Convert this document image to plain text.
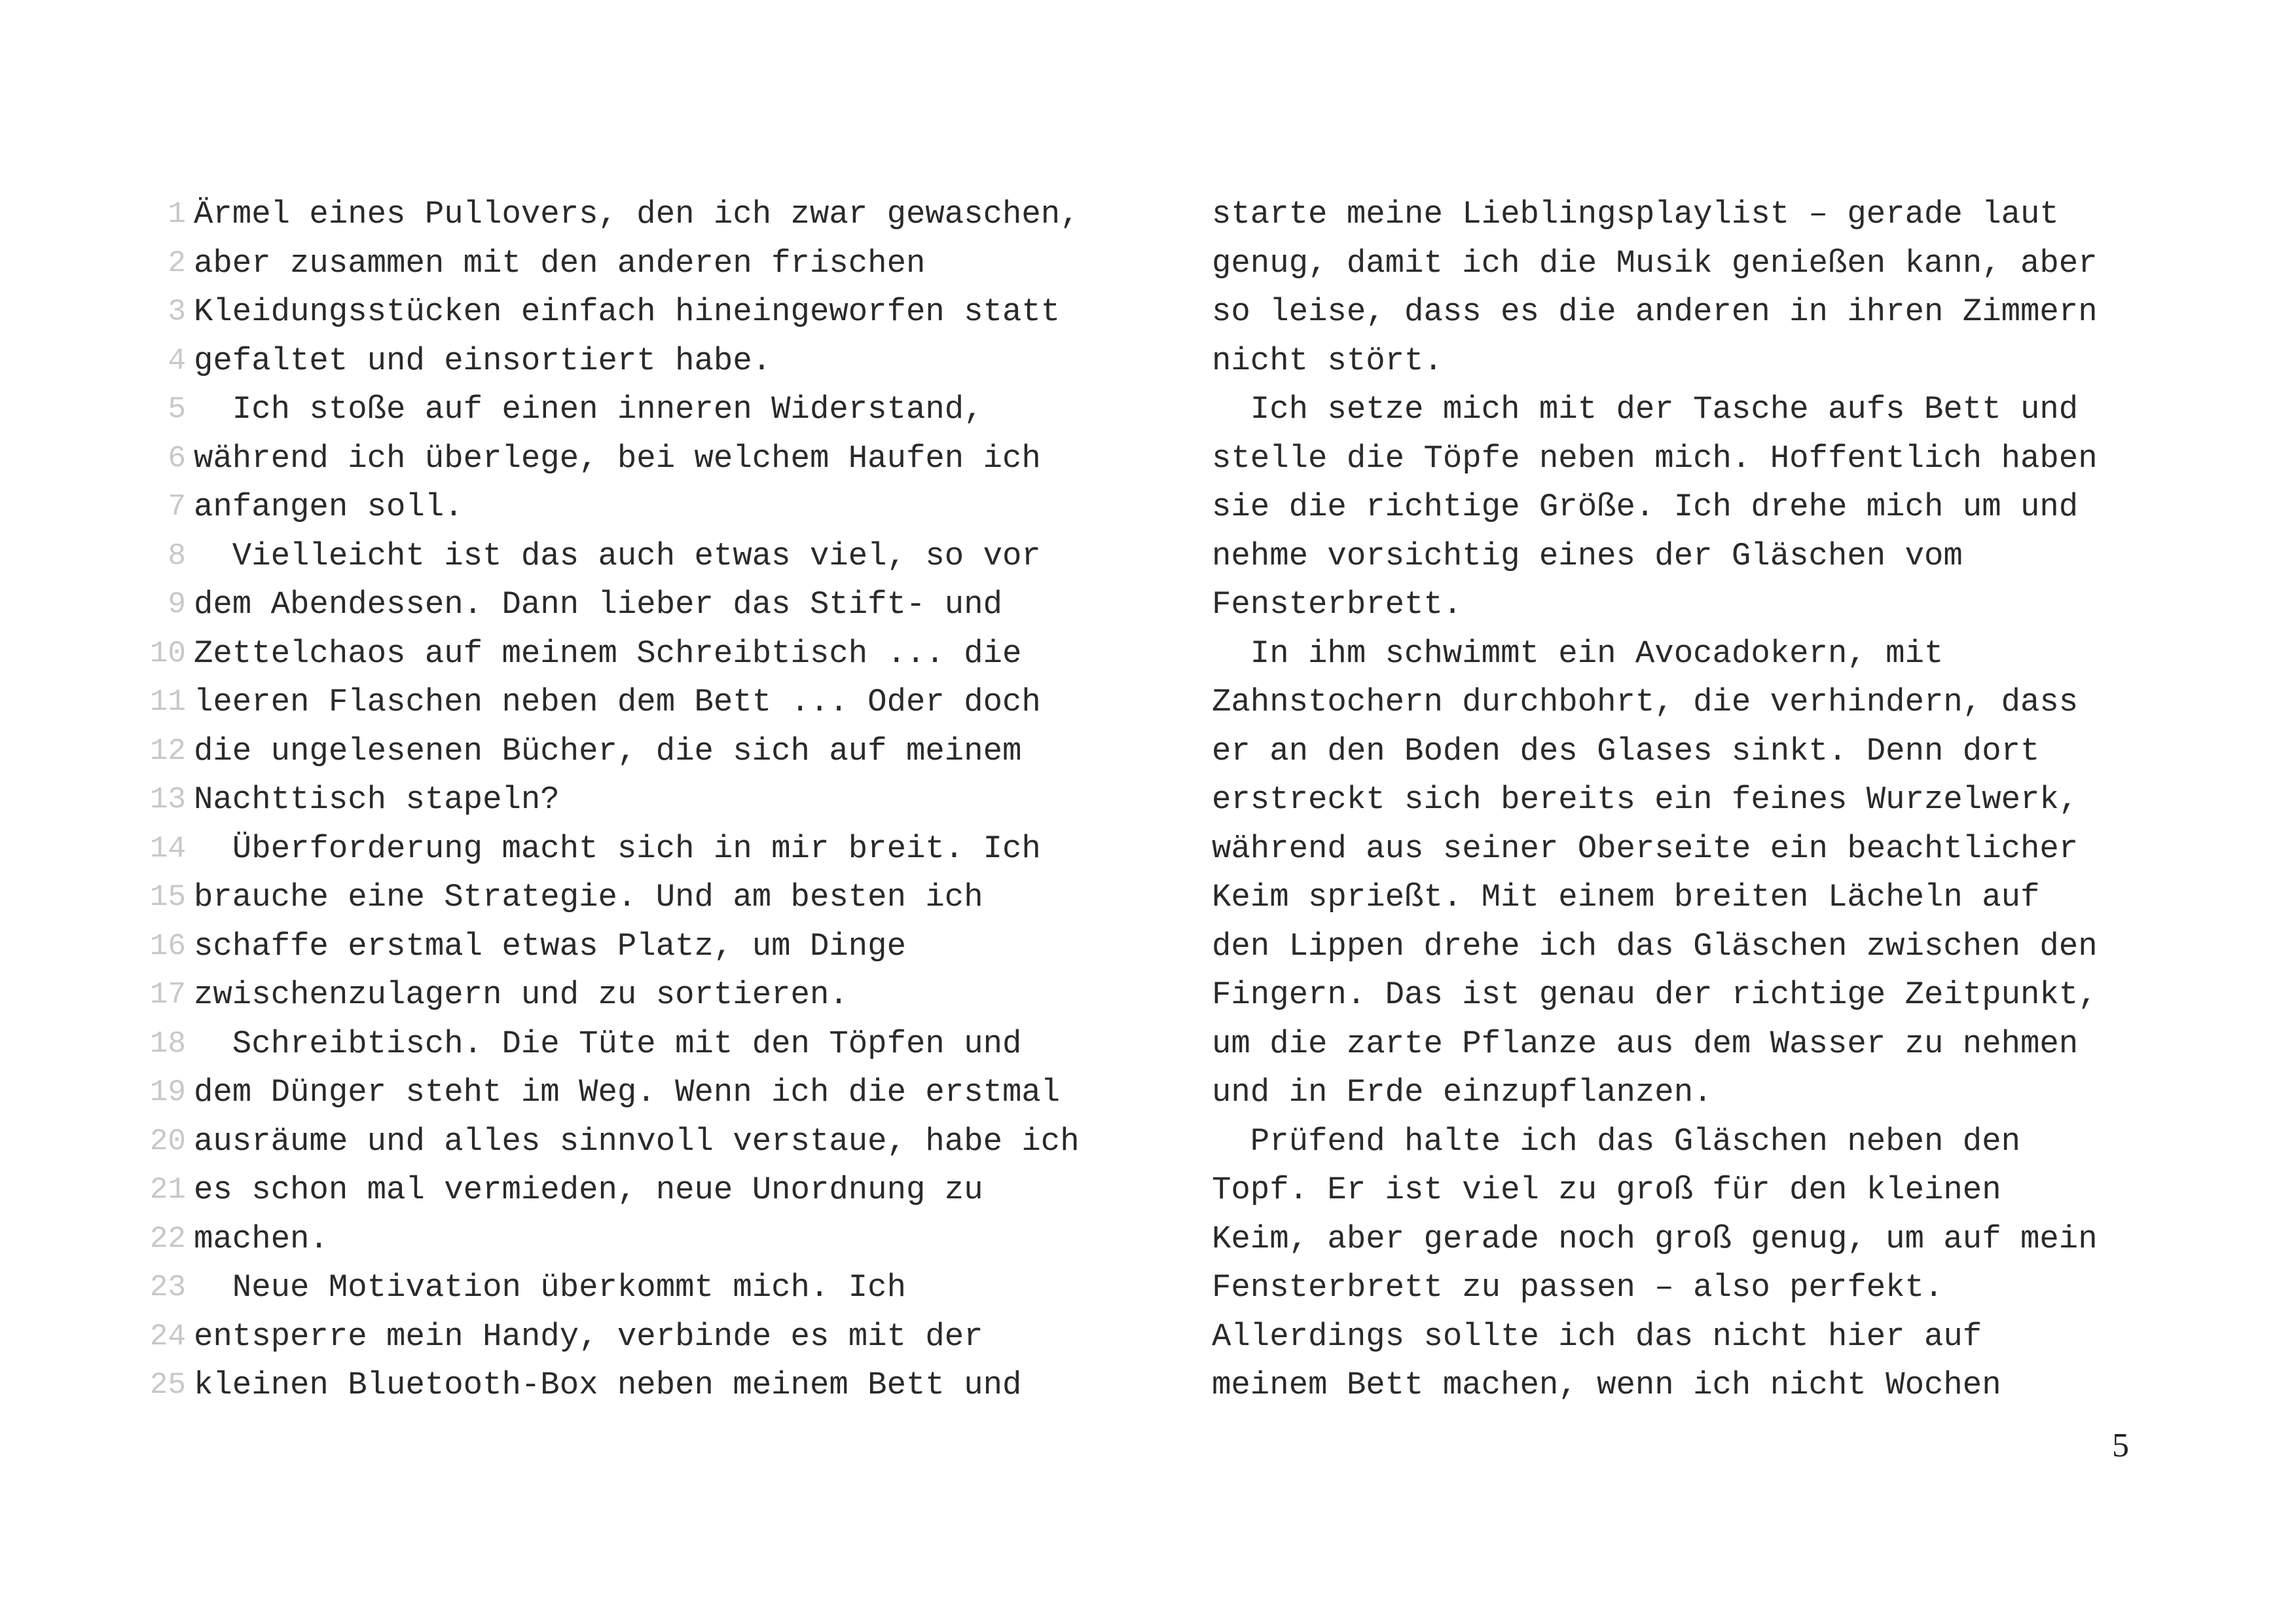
1 Ärmel eines Pullovers, den ich zwar gewaschen,
2 aber zusammen mit den anderen frischen
3 Kleidungsstücken einfach hineingeworfen statt
4 gefaltet und einsortiert habe.
5 Ich stoße auf einen inneren Widerstand,
6 während ich überlege, bei welchem Haufen ich
7 anfangen soll.
8 Vielleicht ist das auch etwas viel, so vor
9 dem Abendessen. Dann lieber das Stift- und
10 Zettelchaos auf meinem Schreibtisch ... die
11 leeren Flaschen neben dem Bett ... Oder doch
12 die ungelesenen Bücher, die sich auf meinem
13 Nachttisch stapeln?
14 Überforderung macht sich in mir breit. Ich
15 brauche eine Strategie. Und am besten ich
16 schaffe erstmal etwas Platz, um Dinge
17 zwischenzulagern und zu sortieren.
18 Schreibtisch. Die Tüte mit den Töpfen und
19 dem Dünger steht im Weg. Wenn ich die erstmal
20 ausräume und alles sinnvoll verstaue, habe ich
21 es schon mal vermieden, neue Unordnung zu
22 machen.
23 Neue Motivation überkommt mich. Ich
24 entsperre mein Handy, verbinde es mit der
25 kleinen Bluetooth-Box neben meinem Bett und
starte meine Lieblingsplaylist – gerade laut
genug, damit ich die Musik genießen kann, aber
so leise, dass es die anderen in ihren Zimmern
nicht stört.
Ich setze mich mit der Tasche aufs Bett und
stelle die Töpfe neben mich. Hoffentlich haben
sie die richtige Größe. Ich drehe mich um und
nehme vorsichtig eines der Gläschen vom
Fensterbrett.
In ihm schwimmt ein Avocadokern, mit
Zahnstochern durchbohrt, die verhindern, dass
er an den Boden des Glases sinkt. Denn dort
erstreckt sich bereits ein feines Wurzelwerk,
während aus seiner Oberseite ein beachtlicher
Keim sprießt. Mit einem breiten Lächeln auf
den Lippen drehe ich das Gläschen zwischen den
Fingern. Das ist genau der richtige Zeitpunkt,
um die zarte Pflanze aus dem Wasser zu nehmen
und in Erde einzupflanzen.
Prüfend halte ich das Gläschen neben den
Topf. Er ist viel zu groß für den kleinen
Keim, aber gerade noch groß genug, um auf mein
Fensterbrett zu passen – also perfekt.
Allerdings sollte ich das nicht hier auf
meinem Bett machen, wenn ich nicht Wochen
5
